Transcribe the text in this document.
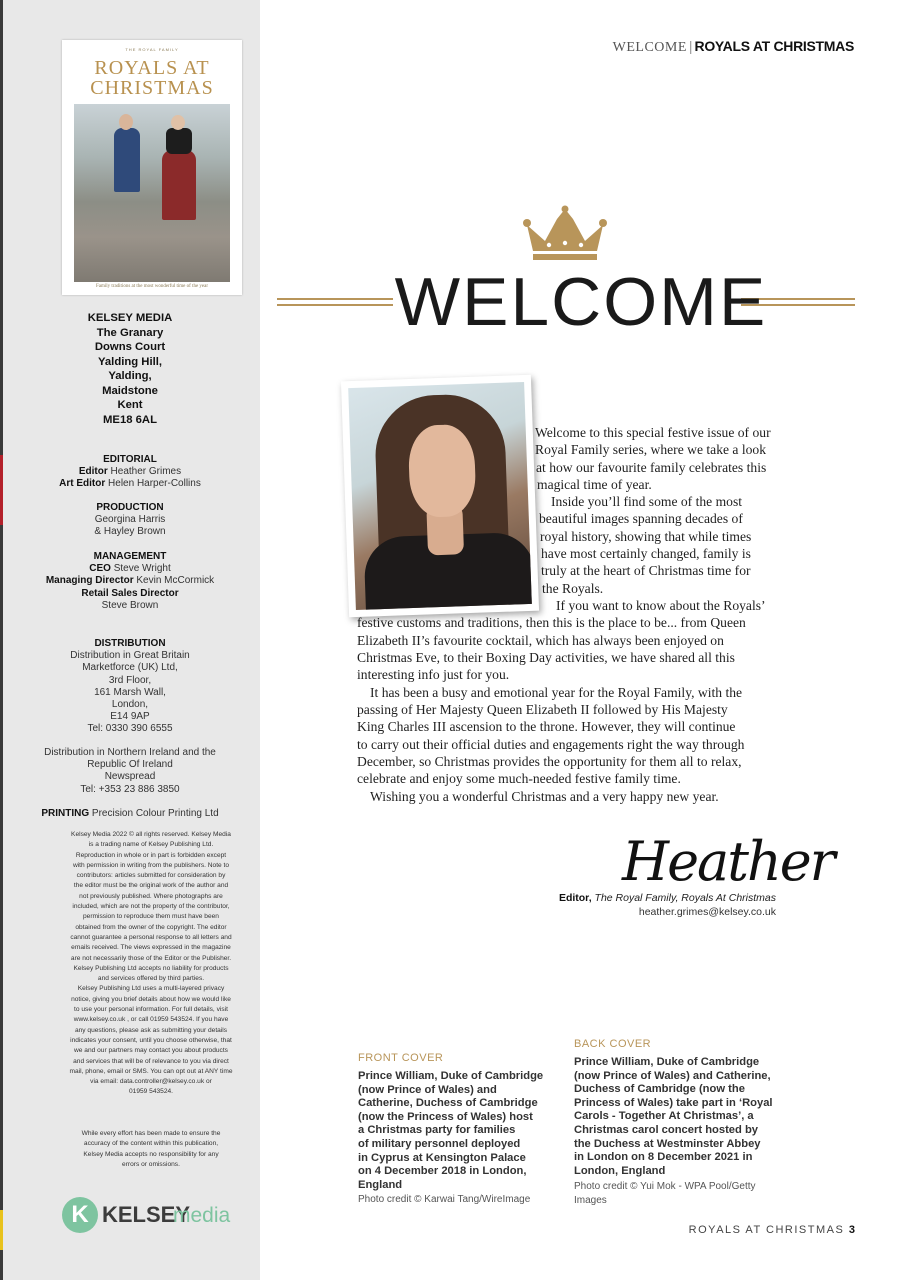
THE ROYAL FAMILY
ROYALS AT
CHRISTMAS
Family traditions at the most wonderful time of the year
KELSEY MEDIA
The Granary
Downs Court
Yalding Hill,
Yalding,
Maidstone
Kent
ME18 6AL
EDITORIAL
Editor Heather Grimes
Art Editor Helen Harper-Collins
PRODUCTION
Georgina Harris
& Hayley Brown
MANAGEMENT
CEO Steve Wright
Managing Director Kevin McCormick
Retail Sales Director
Steve Brown
DISTRIBUTION
Distribution in Great Britain
Marketforce (UK) Ltd,
3rd Floor,
161 Marsh Wall,
London,
E14 9AP
Tel: 0330 390 6555
Distribution in Northern Ireland and the
Republic Of Ireland
Newspread
Tel: +353 23 886 3850
PRINTING Precision Colour Printing Ltd
Kelsey Media 2022 © all rights reserved. Kelsey Media
is a trading name of Kelsey Publishing Ltd.
Reproduction in whole or in part is forbidden except
with permission in writing from the publishers. Note to
contributors: articles submitted for consideration by
the editor must be the original work of the author and
not previously published. Where photographs are
included, which are not the property of the contributor,
permission to reproduce them must have been
obtained from the owner of the copyright. The editor
cannot guarantee a personal response to all letters and
emails received. The views expressed in the magazine
are not necessarily those of the Editor or the Publisher.
Kelsey Publishing Ltd accepts no liability for products
and services offered by third parties.
Kelsey Publishing Ltd uses a multi-layered privacy
notice, giving you brief details about how we would like
to use your personal information. For full details, visit
www.kelsey.co.uk , or call 01959 543524. If you have
any questions, please ask as submitting your details
indicates your consent, until you choose otherwise, that
we and our partners may contact you about products
and services that will be of relevance to you via direct
mail, phone, email or SMS. You can opt out at ANY time
via email: data.controller@kelsey.co.uk or
01959 543524.
While every effort has been made to ensure the
accuracy of the content within this publication,
Kelsey Media accepts no responsibility for any
errors or omissions.
K KELSEY
media
WELCOME | ROYALS AT CHRISTMAS
WELCOME
Welcome to this special festive issue of our
Royal Family series, where we take a look
at how our favourite family celebrates this
magical time of year.
Inside you’ll find some of the most
beautiful images spanning decades of
royal history, showing that while times
have most certainly changed, family is
truly at the heart of Christmas time for
the Royals.
If you want to know about the Royals’
festive customs and traditions, then this is the place to be... from Queen
Elizabeth II’s favourite cocktail, which has always been enjoyed on
Christmas Eve, to their Boxing Day activities, we have shared all this
interesting info just for you.
It has been a busy and emotional year for the Royal Family, with the
passing of Her Majesty Queen Elizabeth II followed by His Majesty
King Charles III ascension to the throne. However, they will continue
to carry out their official duties and engagements right the way through
December, so Christmas provides the opportunity for them all to relax,
celebrate and enjoy some much-needed festive family time.
Wishing you a wonderful Christmas and a very happy new year.
Heather
Editor, The Royal Family, Royals At Christmas
heather.grimes@kelsey.co.uk
FRONT COVER
Prince William, Duke of Cambridge
(now Prince of Wales) and
Catherine, Duchess of Cambridge
(now the Princess of Wales) host
a Christmas party for families
of military personnel deployed
in Cyprus at Kensington Palace
on 4 December 2018 in London,
England
Photo credit © Karwai Tang/WireImage
BACK COVER
Prince William, Duke of Cambridge
(now Prince of Wales) and Catherine,
Duchess of Cambridge (now the
Princess of Wales) take part in ‘Royal
Carols - Together At Christmas’, a
Christmas carol concert hosted by
the Duchess at Westminster Abbey
in London on 8 December 2021 in
London, England
Photo credit © Yui Mok - WPA Pool/Getty
Images
ROYALS AT CHRISTMAS 3
